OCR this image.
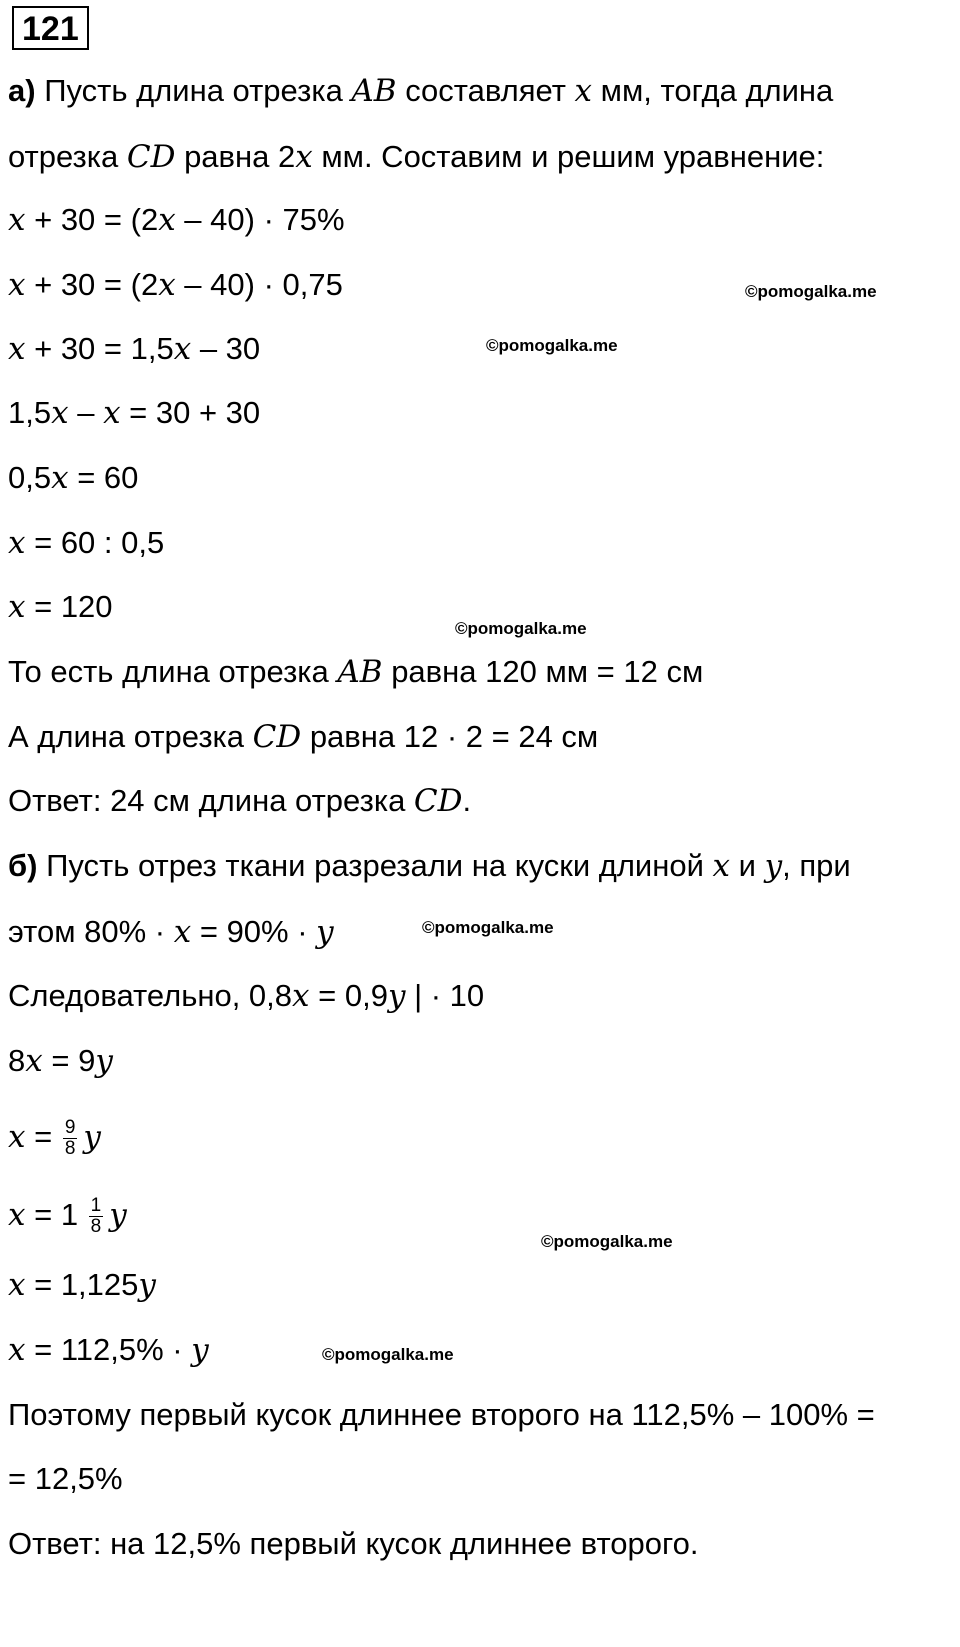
121
а) Пусть длина отрезка AB составляет x мм, тогда длина
отрезка CD равна 2x мм. Составим и решим уравнение:
x + 30 = (2x – 40) · 75%
x + 30 = (2x – 40) · 0,75
x + 30 = 1,5x – 30
1,5x – x = 30 + 30
0,5x = 60
x = 60 : 0,5
x = 120
То есть длина отрезка AB равна 120 мм = 12 см
А длина отрезка CD равна 12 · 2 = 24 см
Ответ: 24 см длина отрезка CD.
б) Пусть отрез ткани разрезали на куски длиной x и y, при
этом 80% · x = 90% · y
Следовательно, 0,8x = 0,9y | · 10
8x = 9y
$x = \frac{9}{8}$ y
$x = 1 \frac{1}{8}$ y
x = 1,125y
x = 112,5% · y
Поэтому первый кусок длиннее второго на 112,5% – 100% =
= 12,5%
Ответ: на 12,5% первый кусок длиннее второго.
©pomogalka.me
©pomogalka.me
©pomogalka.me
©pomogalka.me
©pomogalka.me
©pomogalka.me
